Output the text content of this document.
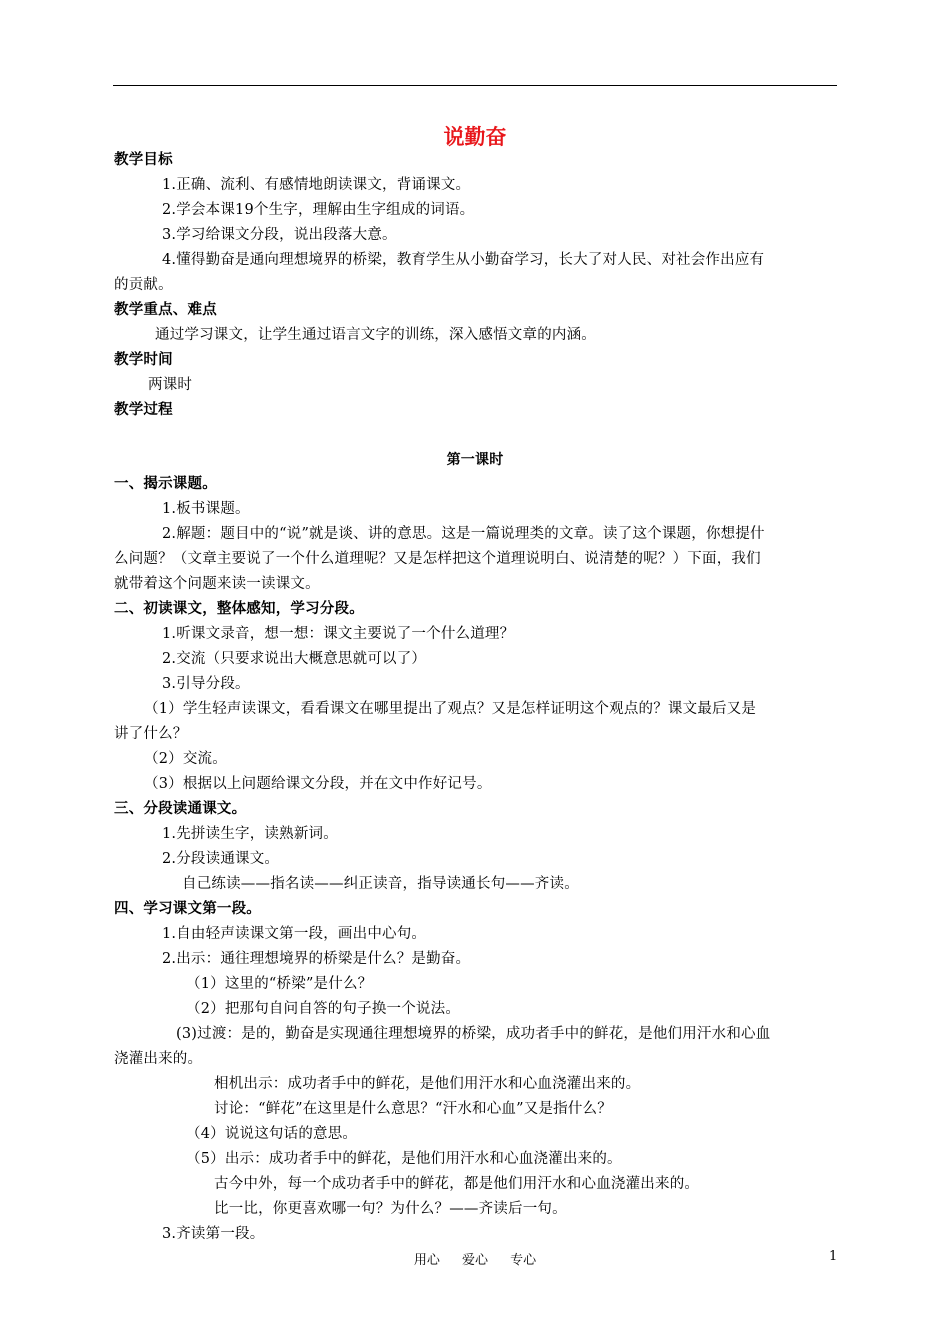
说勤奋
教学目标
1.正确、流利、有感情地朗读课文，背诵课文。
2.学会本课19个生字，理解由生字组成的词语。
3.学习给课文分段，说出段落大意。
4.懂得勤奋是通向理想境界的桥梁，教育学生从小勤奋学习，长大了对人民、对社会作出应有
的贡献。
教学重点、难点
通过学习课文，让学生通过语言文字的训练，深入感悟文章的内涵。
教学时间
两课时
教学过程
第一课时
一、揭示课题。
1.板书课题。
2.解题：题目中的“说”就是谈、讲的意思。这是一篇说理类的文章。读了这个课题，你想提什
么问题？（文章主要说了一个什么道理呢？又是怎样把这个道理说明白、说清楚的呢？）下面，我们
就带着这个问题来读一读课文。
二、初读课文，整体感知，学习分段。
1.听课文录音，想一想：课文主要说了一个什么道理？
2.交流（只要求说出大概意思就可以了）
3.引导分段。
（1）学生轻声读课文，看看课文在哪里提出了观点？又是怎样证明这个观点的？课文最后又是
讲了什么？
（2）交流。
（3）根据以上问题给课文分段，并在文中作好记号。
三、分段读通课文。
1.先拼读生字，读熟新词。
2.分段读通课文。
自己练读——指名读——纠正读音，指导读通长句——齐读。
四、学习课文第一段。
1.自由轻声读课文第一段，画出中心句。
2.出示：通往理想境界的桥梁是什么？是勤奋。
（1）这里的“桥梁”是什么？
（2）把那句自问自答的句子换一个说法。
(3)过渡：是的，勤奋是实现通往理想境界的桥梁，成功者手中的鲜花，是他们用汗水和心血
浇灌出来的。
相机出示：成功者手中的鲜花，是他们用汗水和心血浇灌出来的。
讨论：“鲜花”在这里是什么意思？“汗水和心血”又是指什么？
（4）说说这句话的意思。
（5）出示：成功者手中的鲜花，是他们用汗水和心血浇灌出来的。
古今中外，每一个成功者手中的鲜花，都是他们用汗水和心血浇灌出来的。
比一比，你更喜欢哪一句？为什么？——齐读后一句。
3.齐读第一段。
用心 爱心 专心	1
